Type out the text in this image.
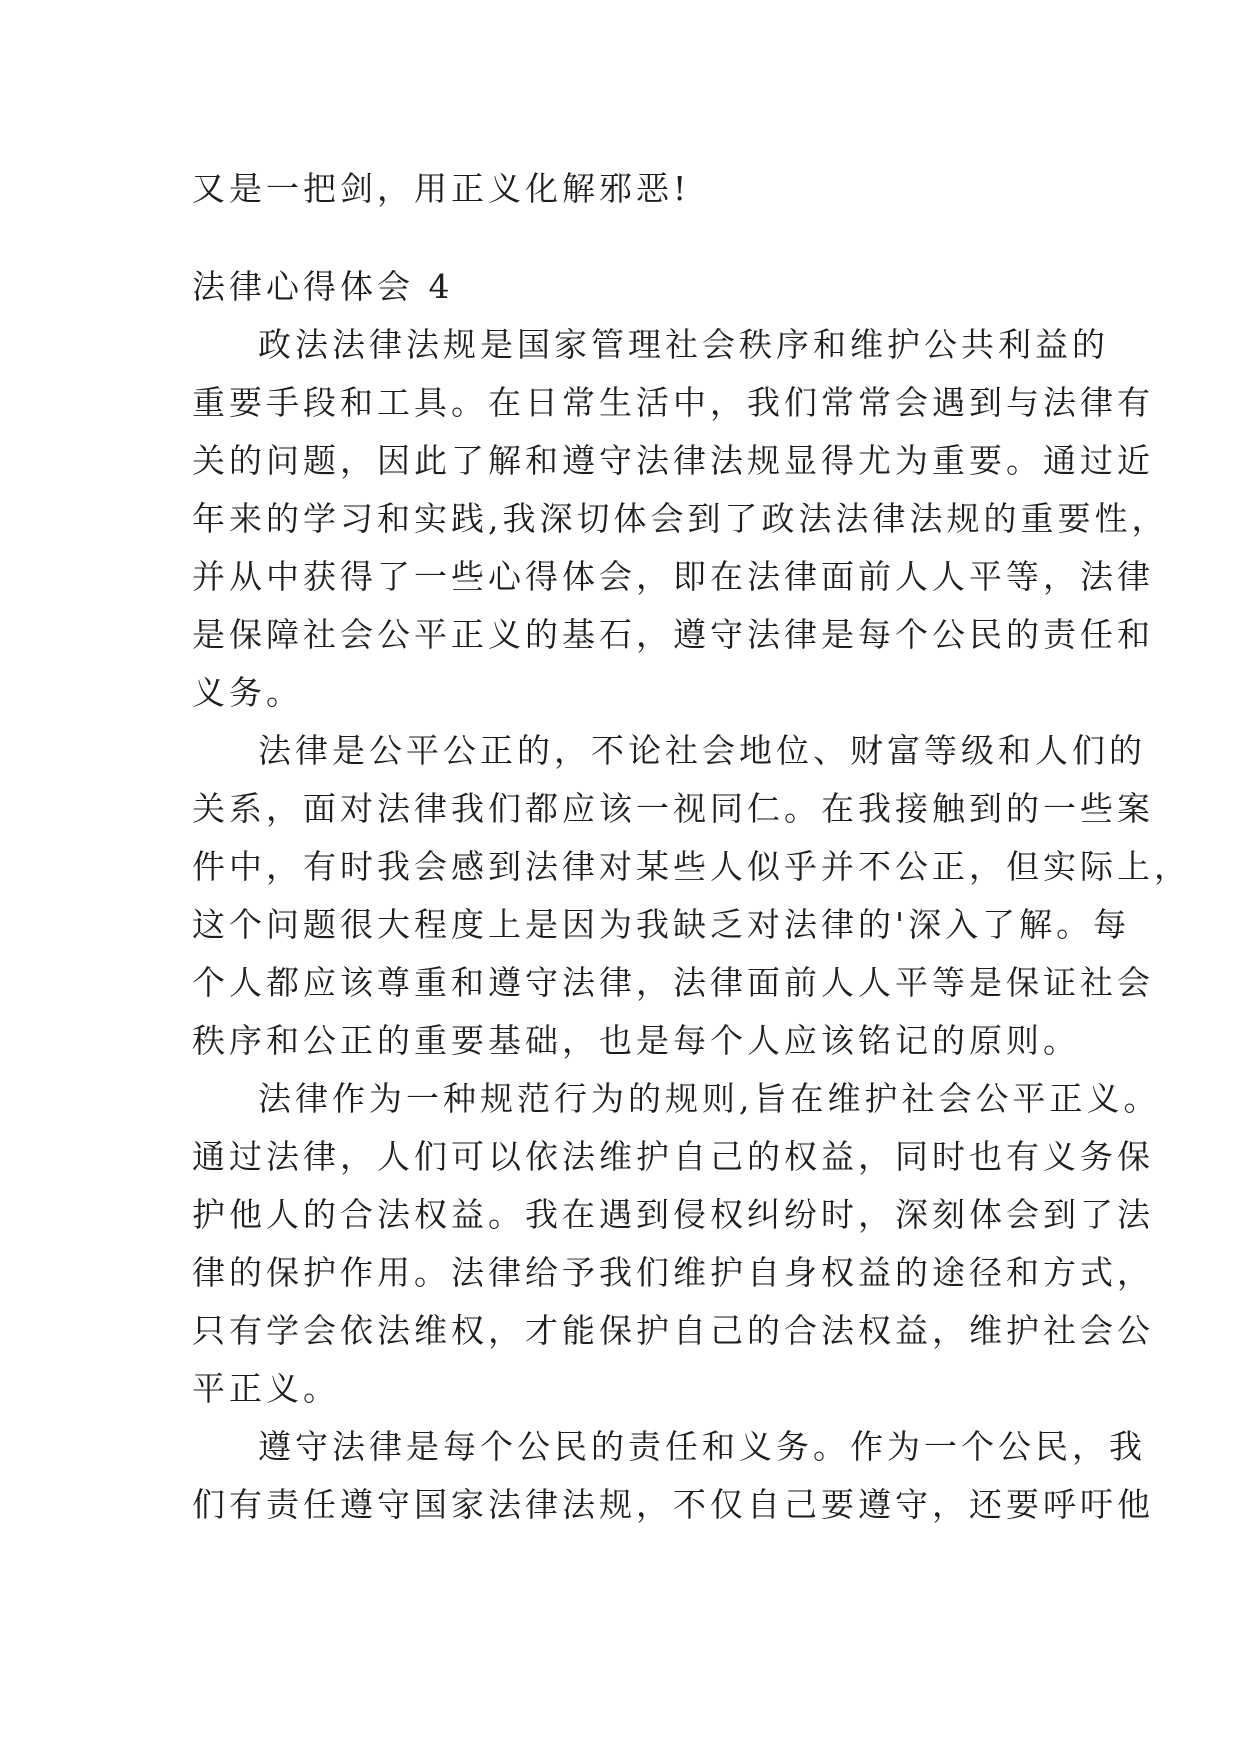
又是一把剑，用正义化解邪恶!
法律心得体会 4
政法法律法规是国家管理社会秩序和维护公共利益的
重要手段和工具。在日常生活中，我们常常会遇到与法律有
关的问题，因此了解和遵守法律法规显得尤为重要。通过近
年来的学习和实践,我深切体会到了政法法律法规的重要性，
并从中获得了一些心得体会，即在法律面前人人平等，法律
是保障社会公平正义的基石，遵守法律是每个公民的责任和
义务。
法律是公平公正的，不论社会地位、财富等级和人们的
关系，面对法律我们都应该一视同仁。在我接触到的一些案
件中，有时我会感到法律对某些人似乎并不公正，但实际上，
这个问题很大程度上是因为我缺乏对法律的'深入了解。每
个人都应该尊重和遵守法律，法律面前人人平等是保证社会
秩序和公正的重要基础，也是每个人应该铭记的原则。
法律作为一种规范行为的规则,旨在维护社会公平正义。
通过法律，人们可以依法维护自己的权益，同时也有义务保
护他人的合法权益。我在遇到侵权纠纷时，深刻体会到了法
律的保护作用。法律给予我们维护自身权益的途径和方式，
只有学会依法维权，才能保护自己的合法权益，维护社会公
平正义。
遵守法律是每个公民的责任和义务。作为一个公民，我
们有责任遵守国家法律法规，不仅自己要遵守，还要呼吁他
